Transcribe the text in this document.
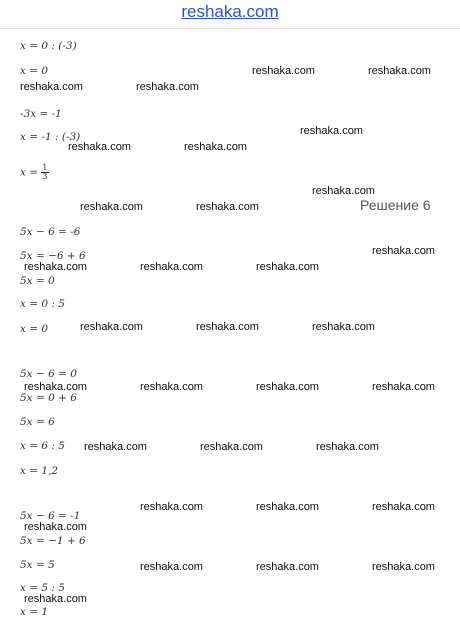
reshaka.com
x = 0 : (-3)
x = 0
-3x = -1
x = -1 : (-3)
$x = \frac{1}{3}$
5x − 6 = -6
5x = −6 + 6
5x = 0
x = 0 : 5
x = 0
5x − 6 = 0
5x = 0 + 6
5x = 6
x = 6 : 5
x = 1,2
5x − 6 = -1
5x = −1 + 6
5x = 5
x = 5 : 5
x = 1
Решение 6
reshaka.com	reshaka.com
reshaka.com	reshaka.com
reshaka.com
reshaka.com	reshaka.com
reshaka.com
reshaka.com	reshaka.com
reshaka.com
reshaka.com	reshaka.com	reshaka.com
reshaka.com	reshaka.com	reshaka.com
reshaka.com	reshaka.com	reshaka.com	reshaka.com
reshaka.com	reshaka.com	reshaka.com
reshaka.com	reshaka.com	reshaka.com
reshaka.com
reshaka.com	reshaka.com	reshaka.com
reshaka.com
